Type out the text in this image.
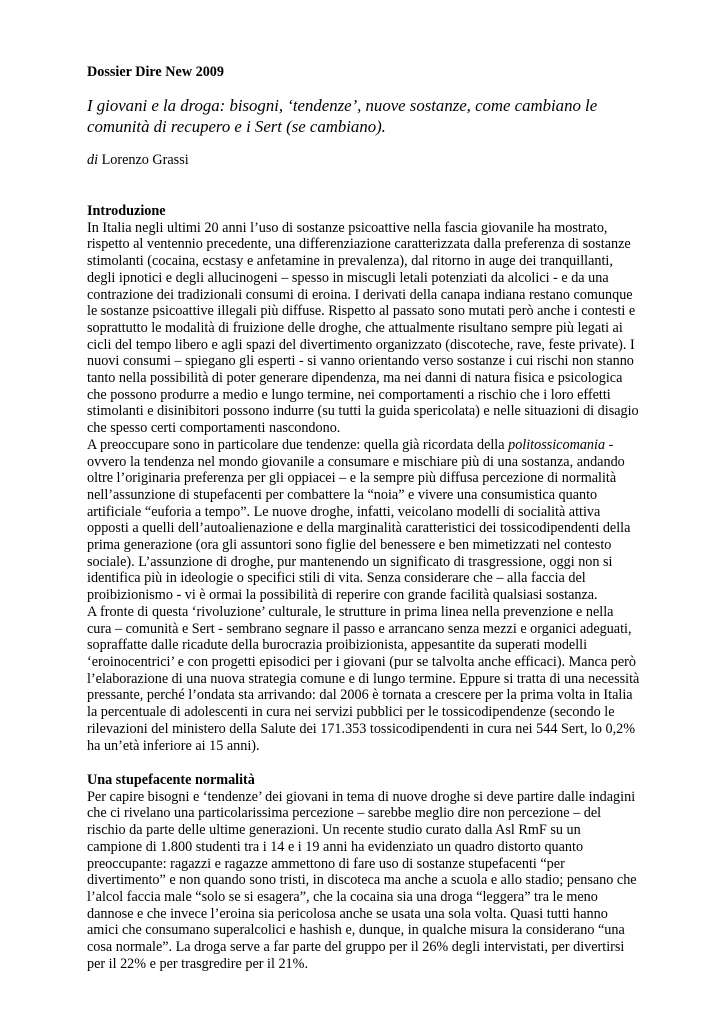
Dossier Dire New 2009
I giovani e la droga: bisogni, ‘tendenze’, nuove sostanze, come cambiano le
comunità di recupero e i Sert (se cambiano).
di Lorenzo Grassi
Introduzione
In Italia negli ultimi 20 anni l’uso di sostanze psicoattive nella fascia giovanile ha mostrato,
rispetto al ventennio precedente, una differenziazione caratterizzata dalla preferenza di sostanze
stimolanti (cocaina, ecstasy e anfetamine in prevalenza), dal ritorno in auge dei tranquillanti,
degli ipnotici e degli allucinogeni – spesso in miscugli letali potenziati da alcolici - e da una
contrazione dei tradizionali consumi di eroina. I derivati della canapa indiana restano comunque
le sostanze psicoattive illegali più diffuse. Rispetto al passato sono mutati però anche i contesti e
soprattutto le modalità di fruizione delle droghe, che attualmente risultano sempre più legati ai
cicli del tempo libero e agli spazi del divertimento organizzato (discoteche, rave, feste private). I
nuovi consumi – spiegano gli esperti - si vanno orientando verso sostanze i cui rischi non stanno
tanto nella possibilità di poter generare dipendenza, ma nei danni di natura fisica e psicologica
che possono produrre a medio e lungo termine, nei comportamenti a rischio che i loro effetti
stimolanti e disinibitori possono indurre (su tutti la guida spericolata) e nelle situazioni di disagio
che spesso certi comportamenti nascondono.
A preoccupare sono in particolare due tendenze: quella già ricordata della politossicomania -
ovvero la tendenza nel mondo giovanile a consumare e mischiare più di una sostanza, andando
oltre l’originaria preferenza per gli oppiacei – e la sempre più diffusa percezione di normalità
nell’assunzione di stupefacenti per combattere la “noia” e vivere una consumistica quanto
artificiale “euforia a tempo”. Le nuove droghe, infatti, veicolano modelli di socialità attiva
opposti a quelli dell’autoalienazione e della marginalità caratteristici dei tossicodipendenti della
prima generazione (ora gli assuntori sono figlie del benessere e ben mimetizzati nel contesto
sociale). L’assunzione di droghe, pur mantenendo un significato di trasgressione, oggi non si
identifica più in ideologie o specifici stili di vita. Senza considerare che – alla faccia del
proibizionismo - vi è ormai la possibilità di reperire con grande facilità qualsiasi sostanza.
A fronte di questa ‘rivoluzione’ culturale, le strutture in prima linea nella prevenzione e nella
cura – comunità e Sert - sembrano segnare il passo e arrancano senza mezzi e organici adeguati,
sopraffatte dalle ricadute della burocrazia proibizionista, appesantite da superati modelli
‘eroinocentrici’ e con progetti episodici per i giovani (pur se talvolta anche efficaci). Manca però
l’elaborazione di una nuova strategia comune e di lungo termine. Eppure si tratta di una necessità
pressante, perché l’ondata sta arrivando: dal 2006 è tornata a crescere per la prima volta in Italia
la percentuale di adolescenti in cura nei servizi pubblici per le tossicodipendenze (secondo le
rilevazioni del ministero della Salute dei 171.353 tossicodipendenti in cura nei 544 Sert, lo 0,2%
ha un’età inferiore ai 15 anni).
Una stupefacente normalità
Per capire bisogni e ‘tendenze’ dei giovani in tema di nuove droghe si deve partire dalle indagini
che ci rivelano una particolarissima percezione – sarebbe meglio dire non percezione – del
rischio da parte delle ultime generazioni. Un recente studio curato dalla Asl RmF su un
campione di 1.800 studenti tra i 14 e i 19 anni ha evidenziato un quadro distorto quanto
preoccupante: ragazzi e ragazze ammettono di fare uso di sostanze stupefacenti “per
divertimento” e non quando sono tristi, in discoteca ma anche a scuola e allo stadio; pensano che
l’alcol faccia male “solo se si esagera”, che la cocaina sia una droga “leggera” tra le meno
dannose e che invece l’eroina sia pericolosa anche se usata una sola volta. Quasi tutti hanno
amici che consumano superalcolici e hashish e, dunque, in qualche misura la considerano “una
cosa normale”. La droga serve a far parte del gruppo per il 26% degli intervistati, per divertirsi
per il 22% e per trasgredire per il 21%.
